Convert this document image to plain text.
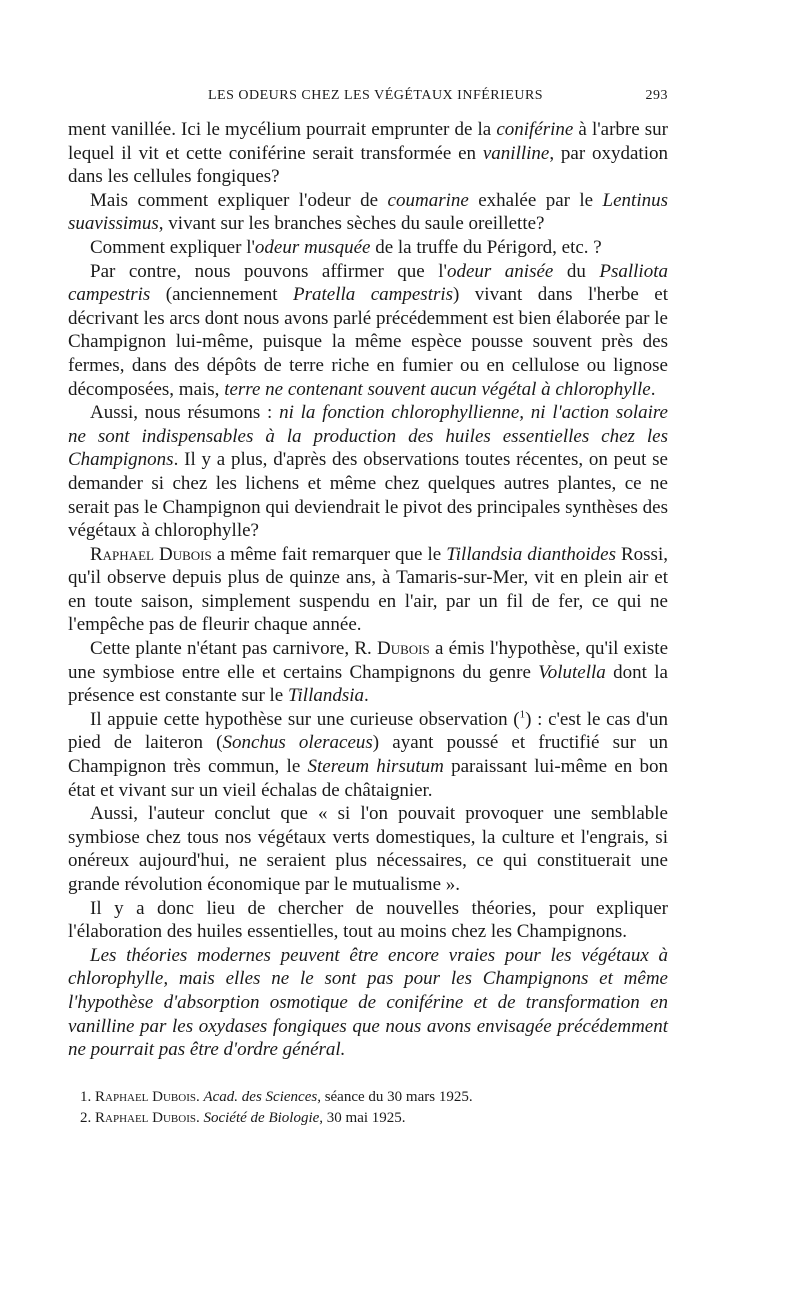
LES ODEURS CHEZ LES VÉGÉTAUX INFÉRIEURS	293

ment vanillée. Ici le mycélium pourrait emprunter de la coniférine à l'arbre sur lequel il vit et cette coniférine serait transformée en vanilline, par oxydation dans les cellules fongiques?

Mais comment expliquer l'odeur de coumarine exhalée par le Lentinus suavissimus, vivant sur les branches sèches du saule oreillette?

Comment expliquer l'odeur musquée de la truffe du Périgord, etc. ?

Par contre, nous pouvons affirmer que l'odeur anisée du Psalliota campestris (anciennement Pratella campestris) vivant dans l'herbe et décrivant les arcs dont nous avons parlé précédemment est bien élaborée par le Champignon lui-même, puisque la même espèce pousse souvent près des fermes, dans des dépôts de terre riche en fumier ou en cellulose ou lignose décomposées, mais, terre ne contenant souvent aucun végétal à chlorophylle.

Aussi, nous résumons : ni la fonction chlorophyllienne, ni l'action solaire ne sont indispensables à la production des huiles essentielles chez les Champignons. Il y a plus, d'après des observations toutes récentes, on peut se demander si chez les lichens et même chez quelques autres plantes, ce ne serait pas le Champignon qui deviendrait le pivot des principales synthèses des végétaux à chlorophylle?

Raphael Dubois a même fait remarquer que le Tillandsia dianthoides Rossi, qu'il observe depuis plus de quinze ans, à Tamaris-sur-Mer, vit en plein air et en toute saison, simplement suspendu en l'air, par un fil de fer, ce qui ne l'empêche pas de fleurir chaque année.

Cette plante n'étant pas carnivore, R. Dubois a émis l'hypothèse, qu'il existe une symbiose entre elle et certains Champignons du genre Volutella dont la présence est constante sur le Tillandsia.

Il appuie cette hypothèse sur une curieuse observation ($^1$) : c'est le cas d'un pied de laiteron (Sonchus oleraceus) ayant poussé et fructifié sur un Champignon très commun, le Stereum hirsutum paraissant lui-même en bon état et vivant sur un vieil échalas de châtaignier.

Aussi, l'auteur conclut que « si l'on pouvait provoquer une semblable symbiose chez tous nos végétaux verts domestiques, la culture et l'engrais, si onéreux aujourd'hui, ne seraient plus nécessaires, ce qui constituerait une grande révolution économique par le mutualisme ».

Il y a donc lieu de chercher de nouvelles théories, pour expliquer l'élaboration des huiles essentielles, tout au moins chez les Champignons.

Les théories modernes peuvent être encore vraies pour les végétaux à chlorophylle, mais elles ne le sont pas pour les Champignons et même l'hypothèse d'absorption osmotique de coniférine et de transformation en vanilline par les oxydases fongiques que nous avons envisagée précédemment ne pourrait pas être d'ordre général.

1. Raphael Dubois. Acad. des Sciences, séance du 30 mars 1925.

2. Raphael Dubois. Société de Biologie, 30 mai 1925.
